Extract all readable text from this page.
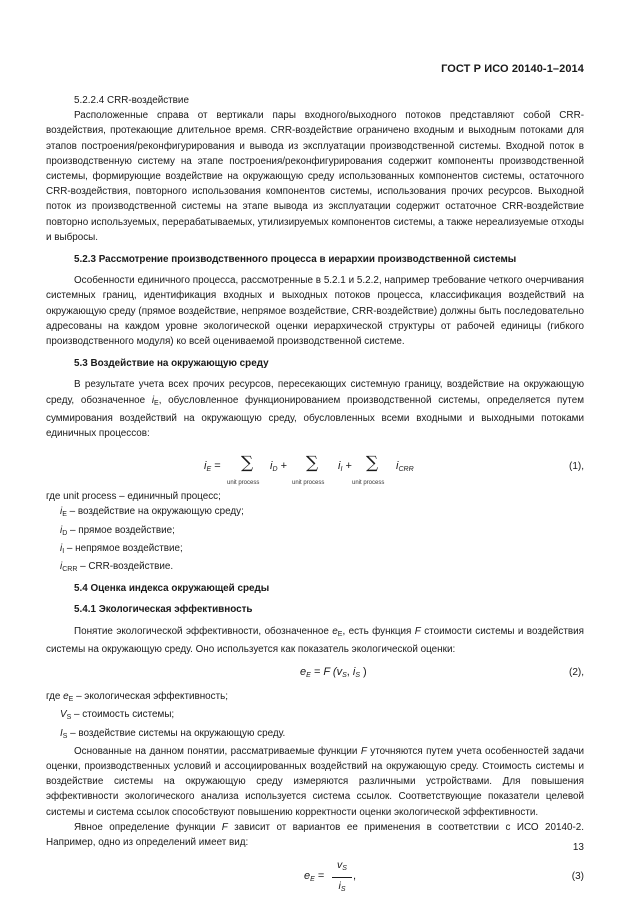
ГОСТ Р ИСО 20140-1–2014

5.2.2.4 CRR-воздействие

Расположенные справа от вертикали пары входного/выходного потоков представляют собой CRR-воздействия, протекающие длительное время. CRR-воздействие ограничено входным и выходным потоками для этапов построения/реконфигурирования и вывода из эксплуатации производственной системы. Входной поток в производственную систему на этапе построения/реконфигурирования содержит компоненты производственной системы, формирующие воздействие на окружающую среду использованных компонентов системы, остаточного CRR-воздействия, повторного использования компонентов системы, использования прочих ресурсов. Выходной поток из производственной системы на этапе вывода из эксплуатации содержит остаточное CRR-воздействие повторно используемых, перерабатываемых, утилизируемых компонентов системы, а также нереализуемые отходы и выбросы.

5.2.3 Рассмотрение производственного процесса в иерархии производственной системы

Особенности единичного процесса, рассмотренные в 5.2.1 и 5.2.2, например требование четкого очерчивания системных границ, идентификация входных и выходных потоков процесса, классификация воздействий на окружающую среду (прямое воздействие, непрямое воздействие, CRR-воздействие) должны быть последовательно адресованы на каждом уровне экологической оценки иерархической структуры от рабочей единицы (гибкого производственного модуля) ко всей оцениваемой производственной системе.

5.3 Воздействие на окружающую среду

В результате учета всех прочих ресурсов, пересекающих системную границу, воздействие на окружающую среду, обозначенное $i_E$, обусловленное функционированием производственной системы, определяется путем суммирования воздействий на окружающую среду, обусловленных всеми входными и выходными потоками единичных процессов:

iE = ∑
unit process
iD + ∑
unit process
iI + ∑
unit process
iCRR	(1),

где unit process – единичный процесс;

$i_E$ – воздействие на окружающую среду;
$i_D$ – прямое воздействие;
$i_I$ – непрямое воздействие;
$i_{CRR}$ – CRR-воздействие.

5.4 Оценка индекса окружающей среды

5.4.1 Экологическая эффективность

Понятие экологической эффективности, обозначенное $e_E$, есть функция F стоимости системы и воздействия системы на окружающую среду. Оно используется как показатель экологической оценки:

eE = F (vS, iS )	(2),
где $e_E$ – экологическая эффективность;
$V_S$ – стоимость системы;
$I_S$ – воздействие системы на окружающую среду.

Основанные на данном понятии, рассматриваемые функции F уточняются путем учета особенностей задачи оценки, производственных условий и ассоциированных воздействий на окружающую среду. Стоимость системы и воздействие системы на окружающую среду измеряются различными устройствами. Для повышения эффективности экологического анализа используется система ссылок. Соответствующие показатели целевой системы и система ссылок способствуют повышению корректности оценки экологической эффективности.

Явное определение функции F зависит от вариантов ее применения в соответствии с ИСО 20140-2. Например, одно из определений имеет вид:

eE =
vS
iS
,	(3)
13
